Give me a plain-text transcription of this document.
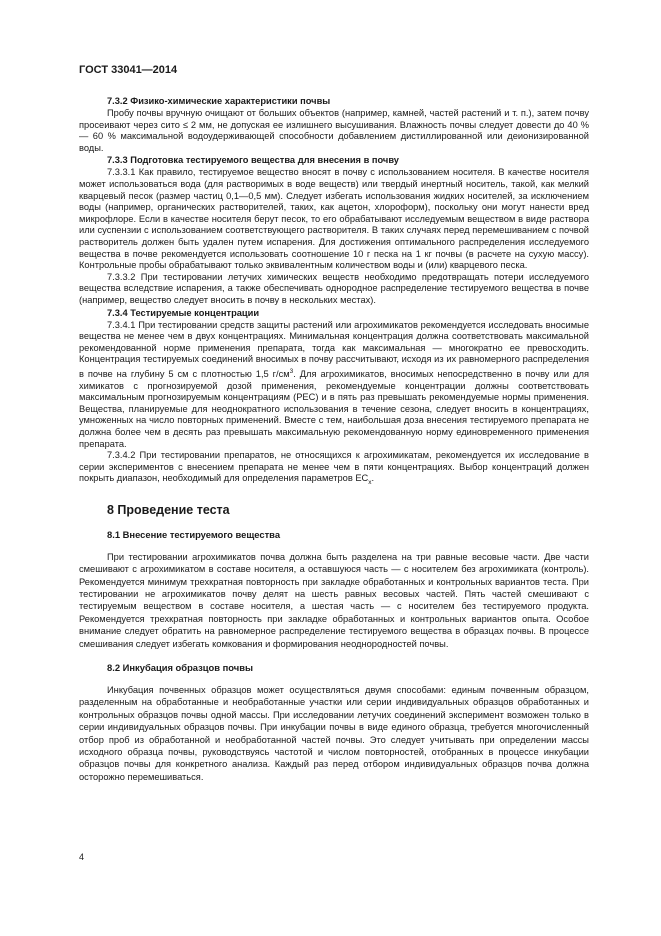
ГОСТ 33041—2014

7.3.2 Физико-химические характеристики почвы

Пробу почвы вручную очищают от больших объектов (например, камней, частей растений и т. п.), затем почву просеивают через сито ≤ 2 мм, не допуская ее излишнего высушивания. Влажность почвы следует довести до 40 % — 60 % максимальной водоудерживающей способности добавлением дистиллированной или деионизированной воды.

7.3.3 Подготовка тестируемого вещества для внесения в почву

7.3.3.1 Как правило, тестируемое вещество вносят в почву с использованием носителя. В качестве носителя может использоваться вода (для растворимых в воде веществ) или твердый инертный носитель, такой, как мелкий кварцевый песок (размер частиц 0,1—0,5 мм). Следует избегать использования жидких носителей, за исключением воды (например, органических растворителей, таких, как ацетон, хлороформ), поскольку они могут нанести вред микрофлоре. Если в качестве носителя берут песок, то его обрабатывают исследуемым веществом в виде раствора или суспензии с использованием соответствующего растворителя. В таких случаях перед перемешиванием с почвой растворитель должен быть удален путем испарения. Для достижения оптимального распределения исследуемого вещества в почве рекомендуется использовать соотношение 10 г песка на 1 кг почвы (в расчете на сухую массу). Контрольные пробы обрабатывают только эквивалентным количеством воды и (или) кварцевого песка.

7.3.3.2 При тестировании летучих химических веществ необходимо предотвращать потери исследуемого вещества вследствие испарения, а также обеспечивать однородное распределение тестируемого вещества в почве (например, вещество следует вносить в почву в нескольких местах).

7.3.4 Тестируемые концентрации

7.3.4.1 При тестировании средств защиты растений или агрохимикатов рекомендуется исследовать вносимые вещества не менее чем в двух концентрациях. Минимальная концентрация должна соответствовать максимальной рекомендованной норме применения препарата, тогда как максимальная — многократно ее превосходить. Концентрация тестируемых соединений вносимых в почву рассчитывают, исходя из их равномерного распределения в почве на глубину 5 см с плотностью 1,5 $г/см^3$. Для агрохимикатов, вносимых непосредственно в почву или для химикатов с прогнозируемой дозой применения, рекомендуемые концентрации должны соответствовать максимальным прогнозируемым концентрациям (PEC) и в пять раз превышать рекомендуемые нормы применения. Вещества, планируемые для неоднократного использования в течение сезона, следует вносить в концентрациях, умноженных на число повторных применений. Вместе с тем, наибольшая доза внесения тестируемого препарата не должна более чем в десять раз превышать максимальную рекомендованную норму единовременного применения препарата.

7.3.4.2 При тестировании препаратов, не относящихся к агрохимикатам, рекомендуется их исследование в серии экспериментов с внесением препарата не менее чем в пяти концентрациях. Выбор концентраций должен покрыть диапазон, необходимый для определения параметров $EC_x$.

8 Проведение теста
8.1 Внесение тестируемого вещества

При тестировании агрохимикатов почва должна быть разделена на три равные весовые части. Две части смешивают с агрохимикатом в составе носителя, а оставшуюся часть — с носителем без агрохимиката (контроль). Рекомендуется минимум трехкратная повторность при закладке обработанных и контрольных вариантов теста. При тестировании не агрохимикатов почву делят на шесть равных весовых частей. Пять частей смешивают с тестируемым веществом в составе носителя, а шестая часть — с носителем без тестируемого продукта. Рекомендуется трехкратная повторность при закладке обработанных и контрольных вариантов опыта. Особое внимание следует обратить на равномерное распределение тестируемого вещества в образцах почвы. В процессе смешивания следует избегать комкования и формирования неоднородностей почвы.

8.2 Инкубация образцов почвы

Инкубация почвенных образцов может осуществляться двумя способами: единым почвенным образцом, разделенным на обработанные и необработанные участки или серии индивидуальных образцов обработанных и контрольных образцов почвы одной массы. При исследовании летучих соединений эксперимент возможен только в серии индивидуальных образцов почвы. При инкубации почвы в виде единого образца, требуется многочисленный отбор проб из обработанной и необработанной частей почвы. Это следует учитывать при определении массы исходного образца почвы, руководствуясь частотой и числом повторностей, отобранных в процессе инкубации образцов почвы для конкретного анализа. Каждый раз перед отбором индивидуальных образцов почва должна осторожно перемешиваться.

4
